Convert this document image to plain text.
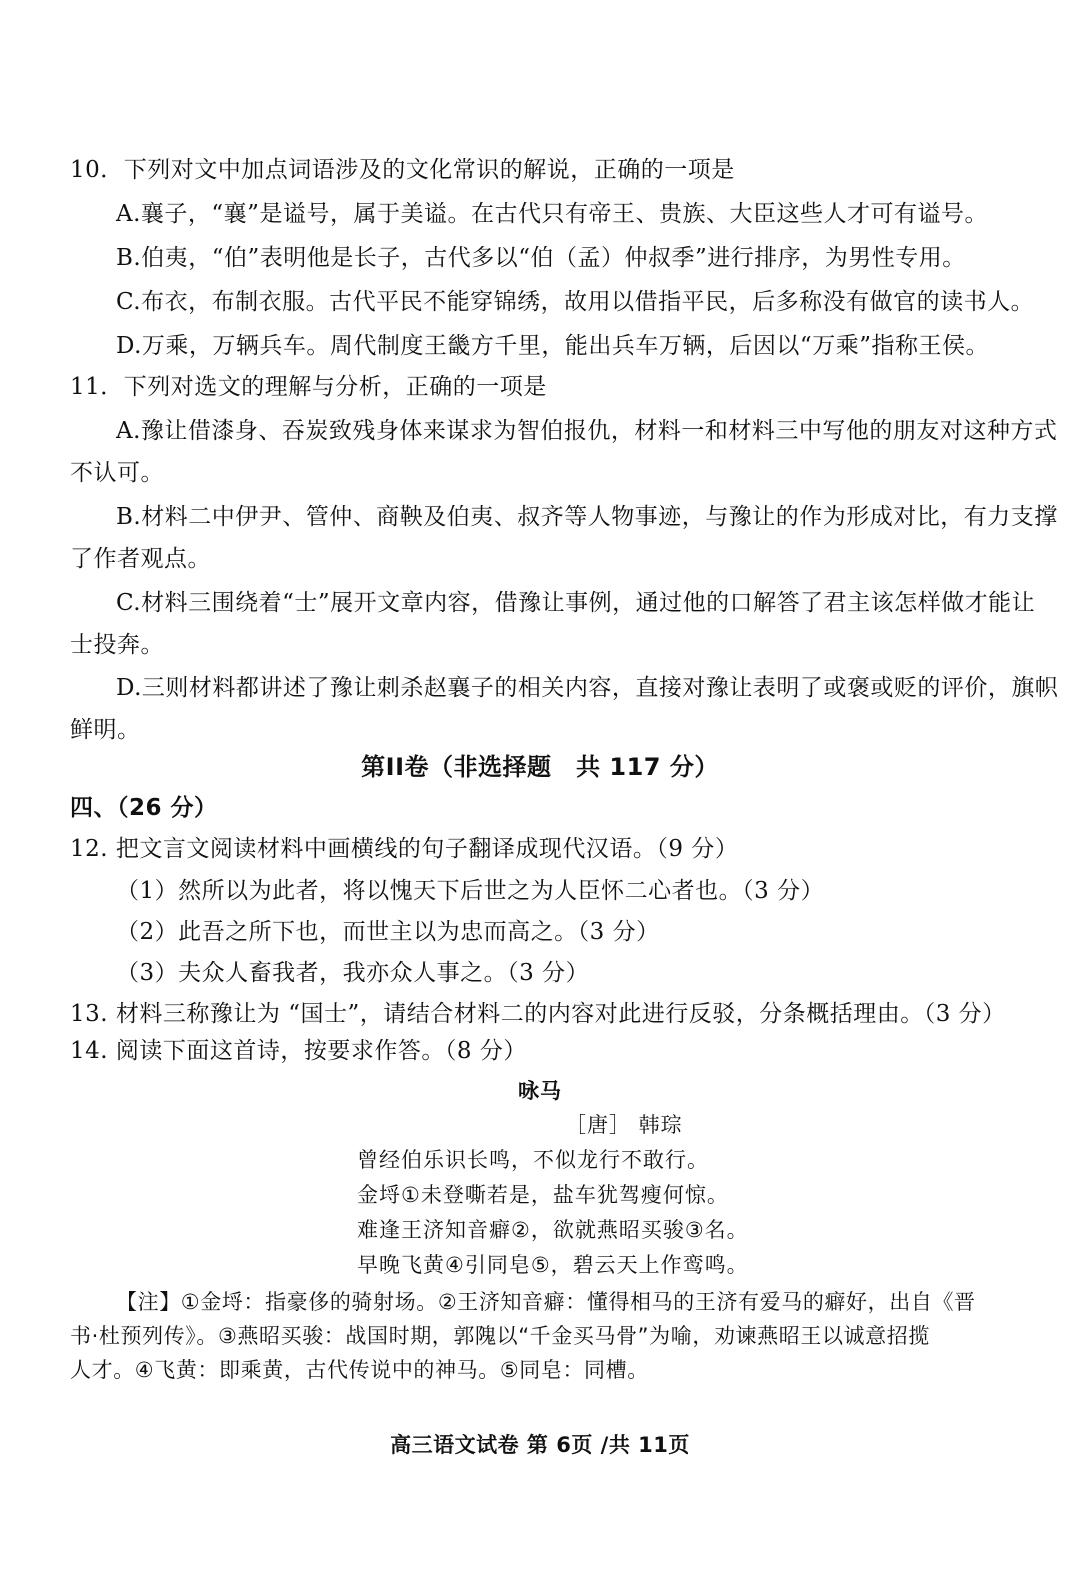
10．下列对文中加点词语涉及的文化常识的解说，正确的一项是
A.襄子，“襄”是谥号，属于美谥。在古代只有帝王、贵族、大臣这些人才可有谥号。
B.伯夷，“伯”表明他是长子，古代多以“伯（孟）仲叔季”进行排序，为男性专用。
C.布衣，布制衣服。古代平民不能穿锦绣，故用以借指平民，后多称没有做官的读书人。
D.万乘，万辆兵车。周代制度王畿方千里，能出兵车万辆，后因以“万乘”指称王侯。
11．下列对选文的理解与分析，正确的一项是
A.豫让借漆身、吞炭致残身体来谋求为智伯报仇，材料一和材料三中写他的朋友对这种方式
不认可。
B.材料二中伊尹、管仲、商鞅及伯夷、叔齐等人物事迹，与豫让的作为形成对比，有力支撑
了作者观点。
C.材料三围绕着“士”展开文章内容，借豫让事例，通过他的口解答了君主该怎样做才能让
士投奔。
D.三则材料都讲述了豫让刺杀赵襄子的相关内容，直接对豫让表明了或褒或贬的评价，旗帜
鲜明。
第II卷（非选择题　共 117 分）
四、（26 分）
12. 把文言文阅读材料中画横线的句子翻译成现代汉语。（9 分）
（1）然所以为此者，将以愧天下后世之为人臣怀二心者也。（3 分）
（2）此吾之所下也，而世主以为忠而高之。（3 分）
（3）夫众人畜我者，我亦众人事之。（3 分）
13. 材料三称豫让为 “国士”，请结合材料二的内容对此进行反驳，分条概括理由。（3 分）
14. 阅读下面这首诗，按要求作答。（8 分）
咏马
［唐］ 韩琮
曾经伯乐识长鸣，不似龙行不敢行。
金埒①未登嘶若是，盐车犹驾瘦何惊。
难逢王济知音癖②，欲就燕昭买骏③名。
早晚飞黄④引同皂⑤，碧云天上作鸾鸣。
【注】①金埒：指豪侈的骑射场。②王济知音癖：懂得相马的王济有爱马的癖好，出自《晋
书·杜预列传》。③燕昭买骏：战国时期，郭隗以“千金买马骨”为喻，劝谏燕昭王以诚意招揽
人才。④飞黄：即乘黄，古代传说中的神马。⑤同皂：同槽。
高三语文试卷 第 6页 /共 11页
